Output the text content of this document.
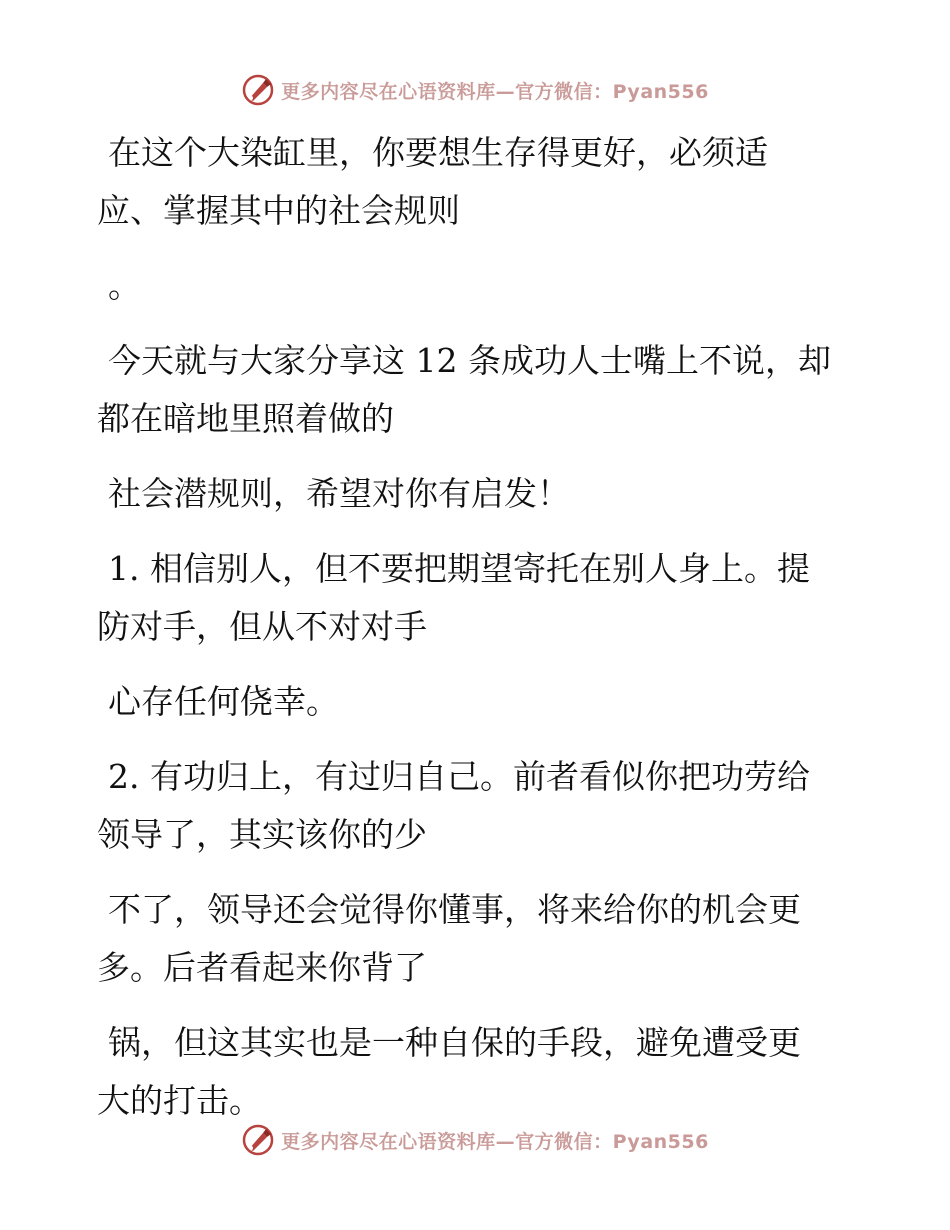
更多内容尽在心语资料库—官方微信：Pyan556
在这个大染缸里，你要想生存得更好，必须适
应、掌握其中的社会规则
。
今天就与大家分享这 12 条成功人士嘴上不说，却
都在暗地里照着做的
社会潜规则，希望对你有启发！
1. 相信别人，但不要把期望寄托在别人身上。提
防对手，但从不对对手
心存任何侥幸。
2. 有功归上，有过归自己。前者看似你把功劳给
领导了，其实该你的少
不了，领导还会觉得你懂事，将来给你的机会更
多。后者看起来你背了
锅，但这其实也是一种自保的手段，避免遭受更
大的打击。
更多内容尽在心语资料库—官方微信：Pyan556
